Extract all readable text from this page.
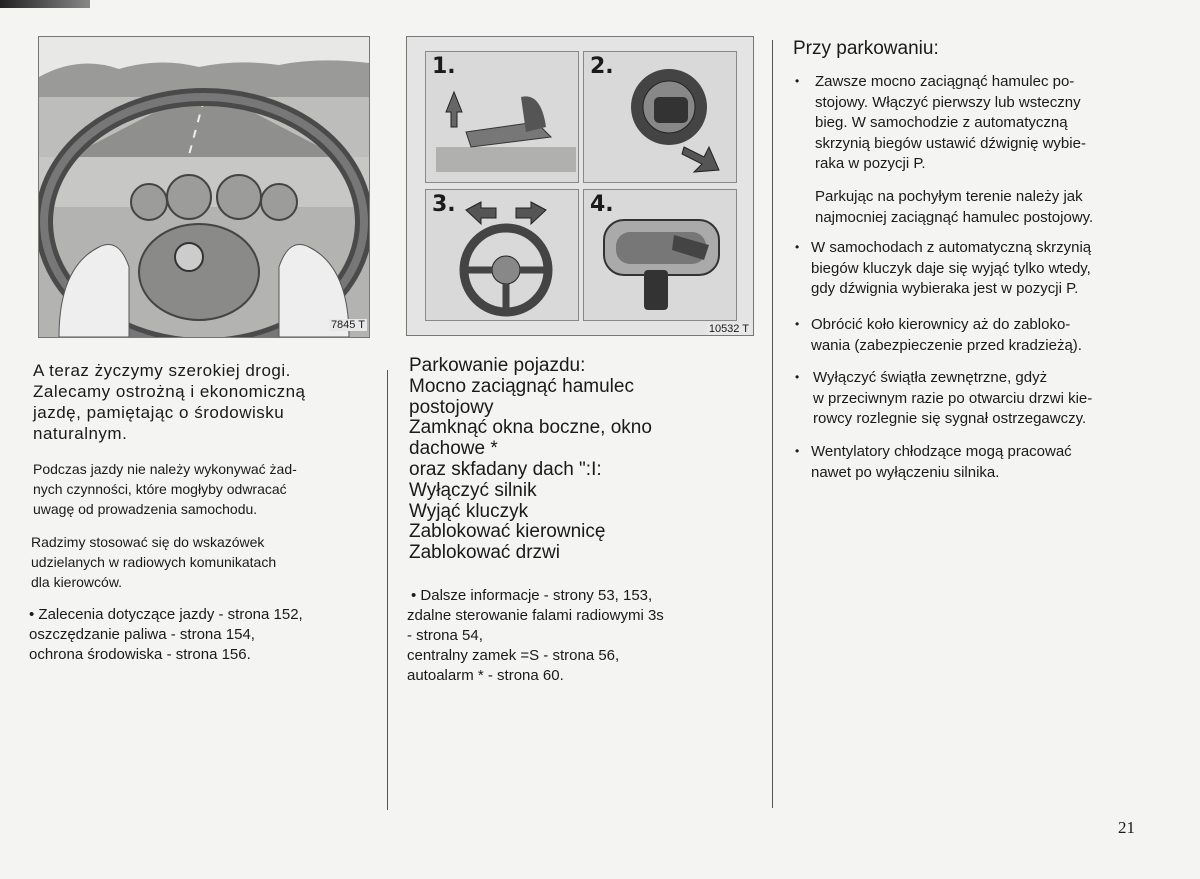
7845 T
1.	2.
3.	4.
10532 T
A teraz życzymy szerokiej drogi.
Zalecamy ostrożną i ekonomiczną
jazdę, pamiętając o środowisku
naturalnym.
Podczas jazdy nie należy wykonywać żad-
nych czynności, które mogłyby odwracać
uwagę od prowadzenia samochodu.
Radzimy stosować się do wskazówek
udzielanych w radiowych komunikatach
dla kierowców.
• Zalecenia dotyczące jazdy - strona 152,
oszczędzanie paliwa - strona 154,
ochrona środowiska - strona 156.
Parkowanie pojazdu:
Mocno zaciągnąć hamulec
postojowy
Zamknąć okna boczne, okno
dachowe *
oraz skfadany dach ":I:
Wyłączyć silnik
Wyjąć kluczyk
Zablokować kierownicę
Zablokować drzwi
• Dalsze informacje - strony 53, 153,
zdalne sterowanie falami radiowymi 3s
- strona 54,
centralny zamek =S - strona 56,
autoalarm * - strona 60.
Przy parkowaniu:
• Zawsze mocno zaciągnąć hamulec po-
stojowy. Włączyć pierwszy lub wsteczny
bieg. W samochodzie z automatyczną
skrzynią biegów ustawić dźwignię wybie-
raka w pozycji P.
Parkując na pochyłym terenie należy jak
najmocniej zaciągnąć hamulec postojowy.
• W samochodach z automatyczną skrzynią
biegów kluczyk daje się wyjąć tylko wtedy,
gdy dźwignia wybieraka jest w pozycji P.
• Obrócić koło kierownicy aż do zabloko-
wania (zabezpieczenie przed kradzieżą).
• Wyłączyć świątła zewnętrzne, gdyż
w przeciwnym razie po otwarciu drzwi kie-
rowcy rozlegnie się sygnał ostrzegawczy.
• Wentylatory chłodzące mogą pracować
nawet po wyłączeniu silnika.
21
